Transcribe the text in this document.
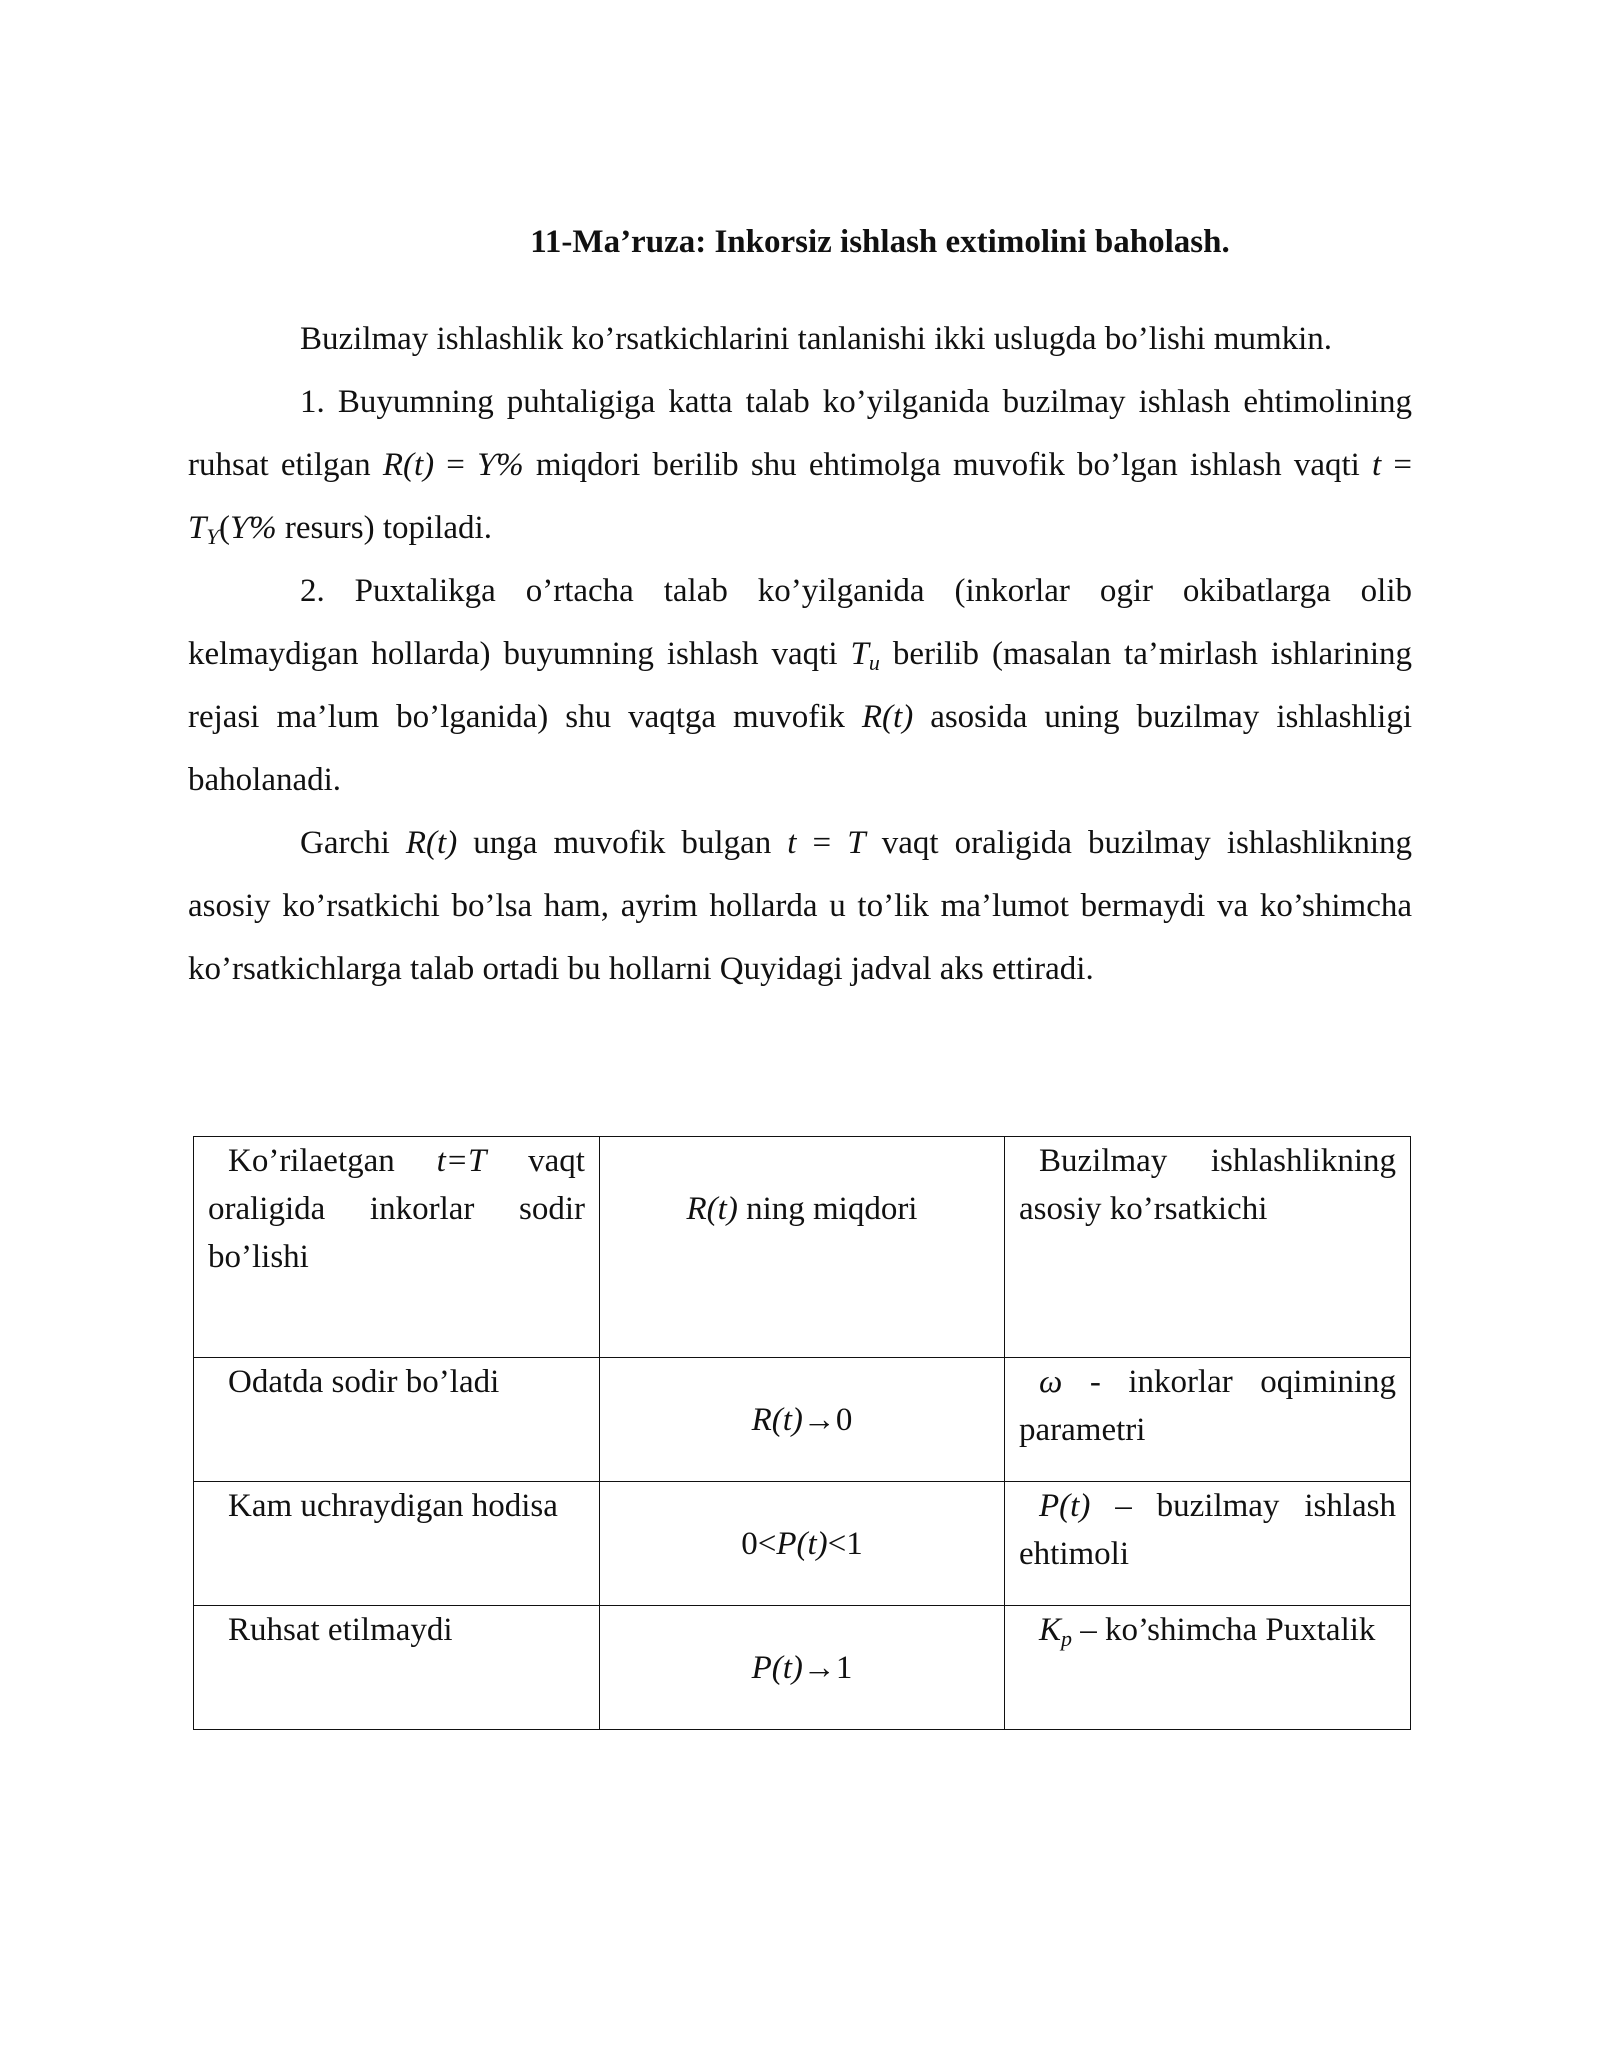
11-Ma’ruza: Inkorsiz ishlash extimolini baholash.

Buzilmay ishlashlik ko’rsatkichlarini tanlanishi ikki uslugda bo’lishi mumkin.

1. Buyumning puhtaligiga katta talab ko’yilganida buzilmay ishlash ehtimolining ruhsat etilgan R(t) = Ƴ% miqdori berilib shu ehtimolga muvofik bo’lgan ishlash vaqti $t = T_Ƴ(Ƴ\%$ resurs) topiladi.

2. Puxtalikga o’rtacha talab ko’yilganida (inkorlar ogir okibatlarga olib kelmaydigan hollarda) buyumning ishlash vaqti $T_u$ berilib (masalan ta’mirlash ishlarining rejasi ma’lum bo’lganida) shu vaqtga muvofik R(t) asosida uning buzilmay ishlashligi baholanadi.

Garchi R(t) unga muvofik bulgan t = T vaqt oraligida buzilmay ishlashlikning asosiy ko’rsatkichi bo’lsa ham, ayrim hollarda u to’lik ma’lumot bermaydi va ko’shimcha ko’rsatkichlarga talab ortadi bu hollarni Quyidagi jadval aks ettiradi.

Ko’rilaetgan t=T vaqt oraligida inkorlar sodir bo’lishi	R(t) ning miqdori	Buzilmay ishlashlikning asosiy ko’rsatkichi
Odatda sodir bo’ladi	R(t)→0	ω - inkorlar oqimining parametri
Kam uchraydigan hodisa	0<P(t)<1	P(t) – buzilmay ishlash ehtimoli
Ruhsat etilmaydi	P(t)→1	$K_p$ – ko’shimcha Puxtalik
